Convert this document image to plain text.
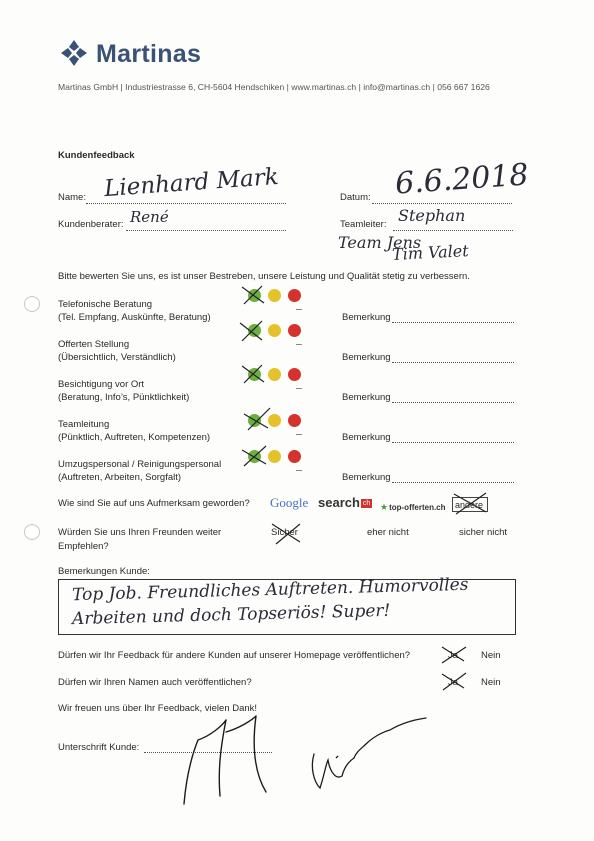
Martinas
Martinas GmbH | Industriestrasse 6, CH-5604 Hendschiken | www.martinas.ch | info@martinas.ch | 056 667 1626
Kundenfeedback
Name: Lienhard Mark	Datum: 6.6.2018
Kundenberater: René	Teamleiter: Stephan
Team Jens
Tim Valet
Bitte bewerten Sie uns, es ist unser Bestreben, unsere Leistung und Qualität stetig zu verbessern.
Telefonische Beratung
(Tel. Empfang, Auskünfte, Beratung)	Bemerkung
Offerten Stellung
(Übersichtlich, Verständlich)	Bemerkung
Besichtigung vor Ort
(Beratung, Info’s, Pünktlichkeit)	Bemerkung
Teamleitung
(Pünktlich, Auftreten, Kompetenzen)	Bemerkung
Umzugspersonal / Reinigungspersonal
(Auftreten, Arbeiten, Sorgfalt)	Bemerkung
Wie sind Sie auf uns Aufmerksam geworden? Google search ch ★top-offerten.ch andere
Würden Sie uns Ihren Freunden weiter
Empfehlen?
Sicher	eher nicht	sicher nicht
Bemerkungen Kunde:
Top Job. Freundliches Auftreten. Humorvolles
Arbeiten und doch Topseriös! Super!
Dürfen wir Ihr Feedback für andere Kunden auf unserer Homepage veröffentlichen?	Ja Nein
Dürfen wir Ihren Namen auch veröffentlichen?	Ja Nein
Wir freuen uns über Ihr Feedback, vielen Dank!
Unterschrift Kunde:
